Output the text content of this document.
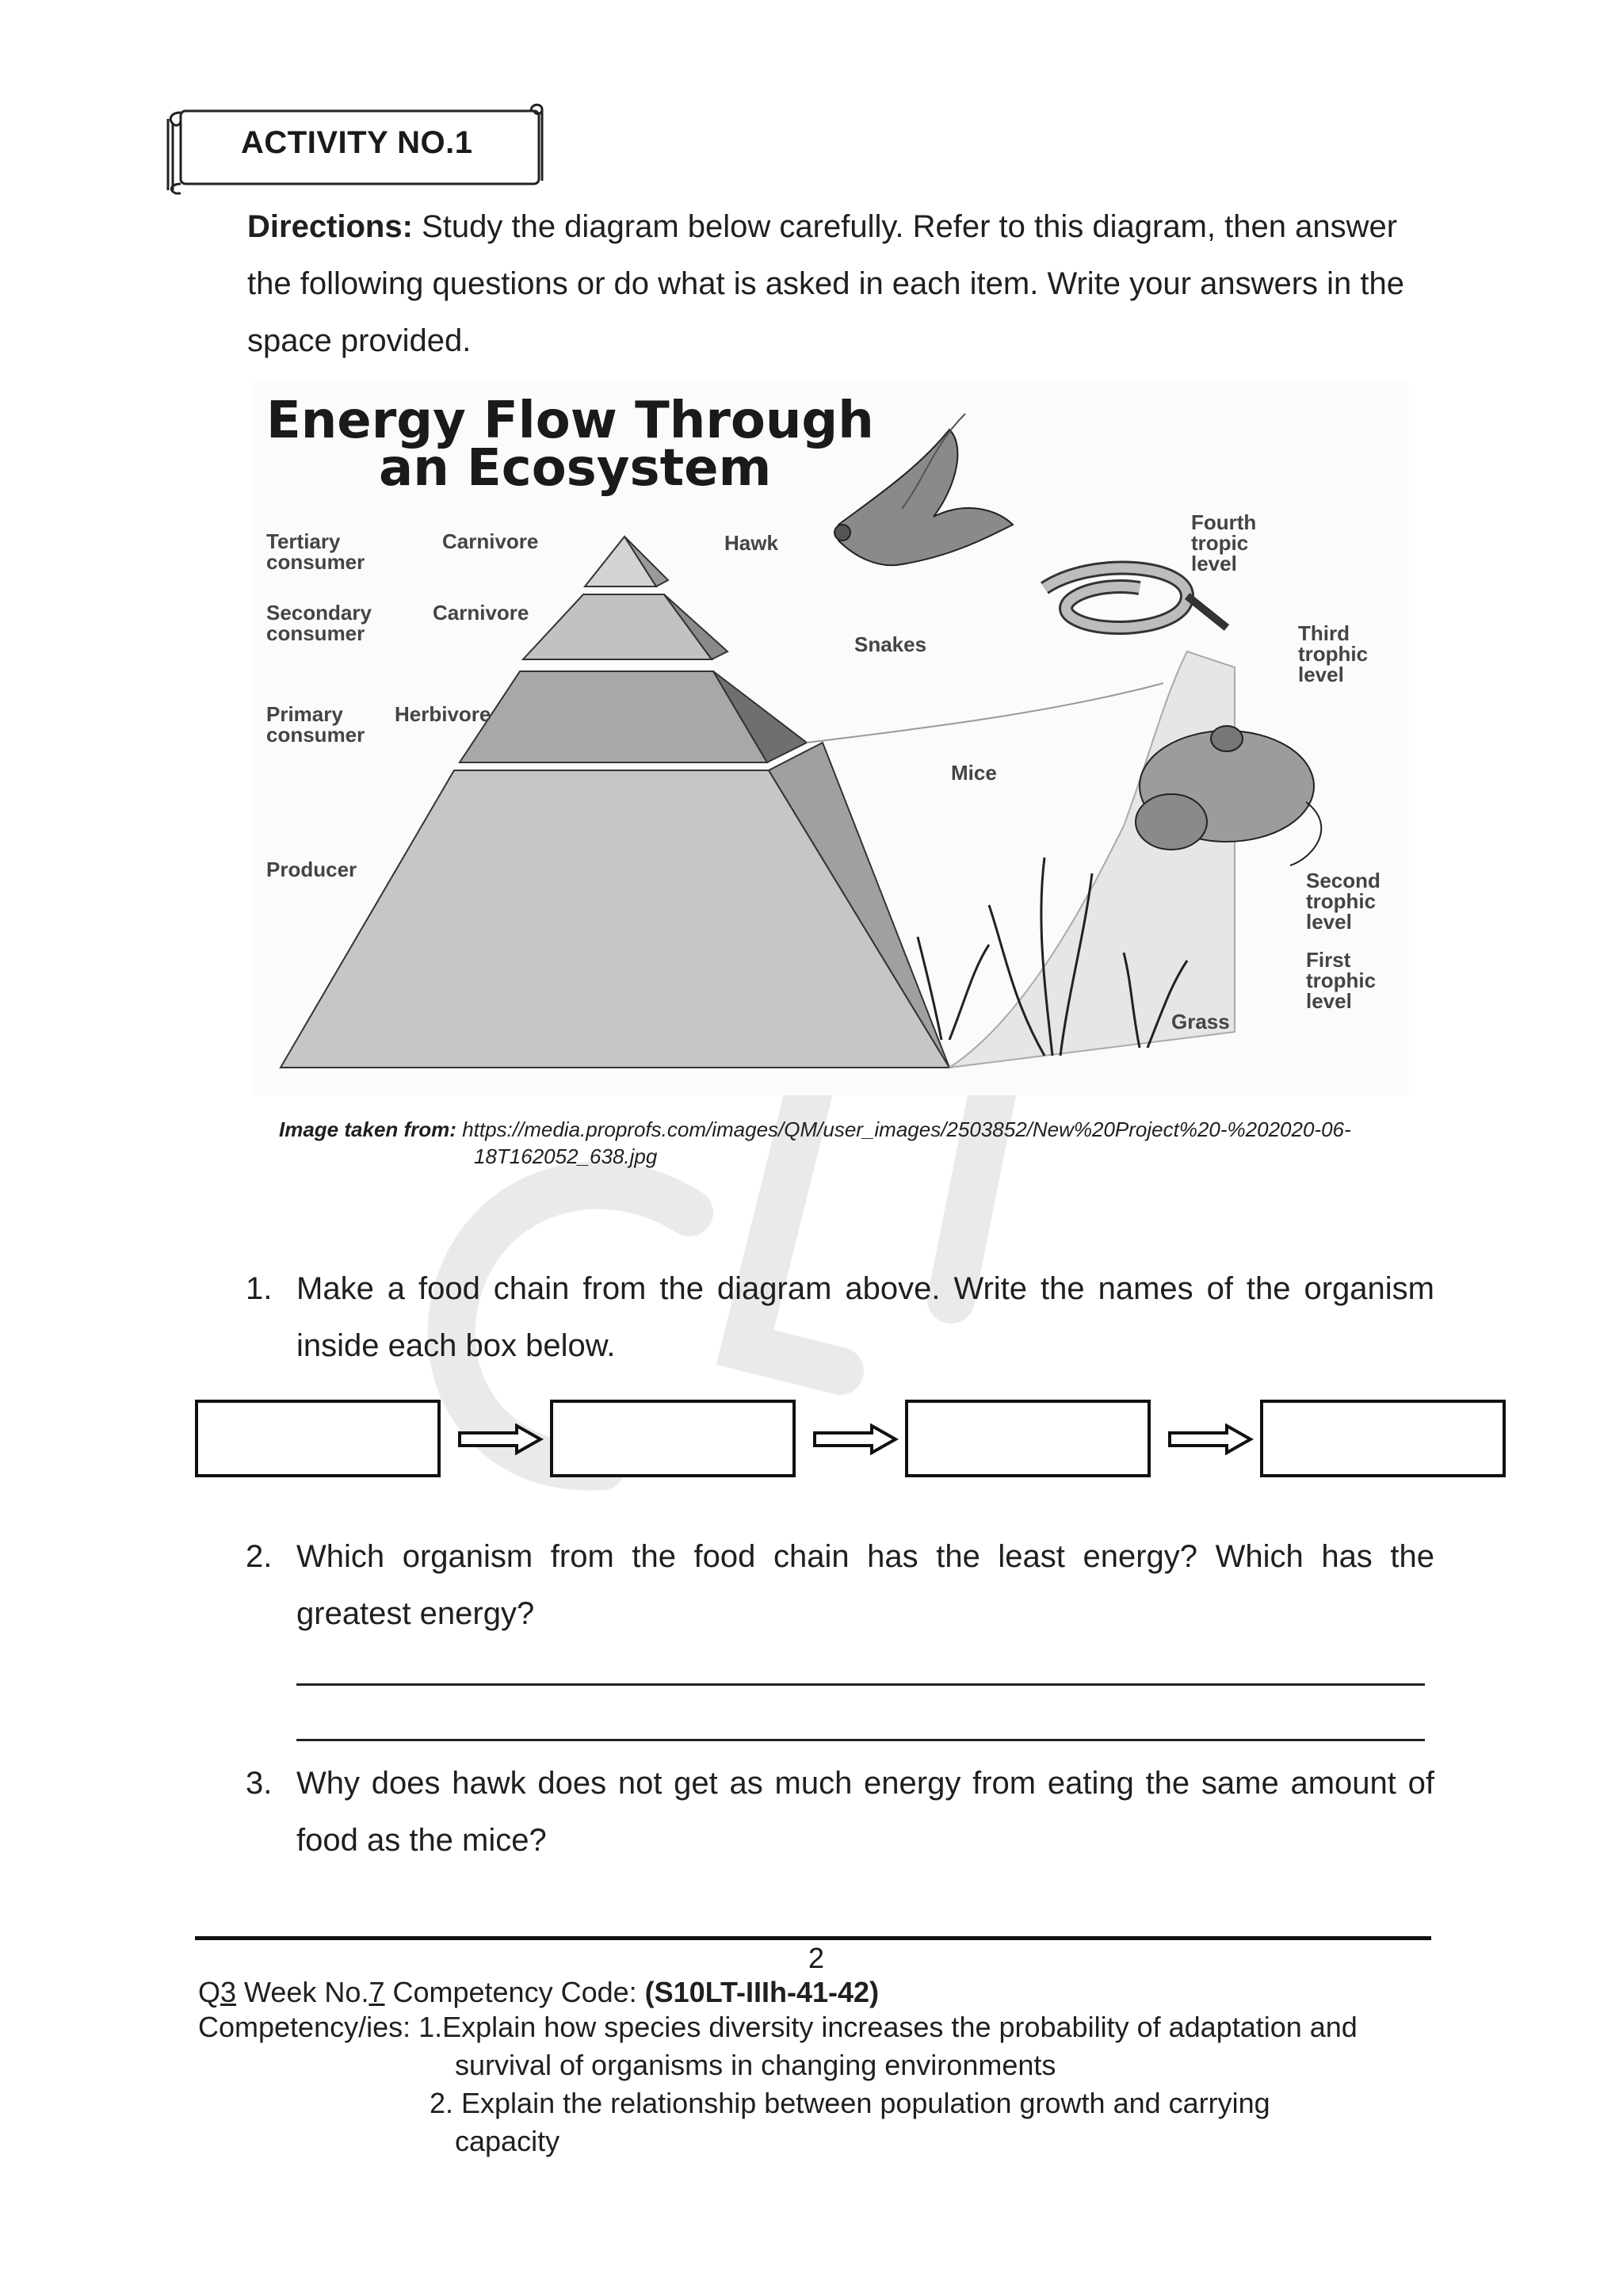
ACTIVITY NO.1
Directions: Study the diagram below carefully. Refer to this diagram, then answer the following questions or do what is asked in each item. Write your answers in the space provided.
Energy Flow Through
an Ecosystem
Tertiary consumer
Carnivore
Secondary consumer
Carnivore
Primary consumer
Herbivore
Producer
Hawk
Snakes
Mice
Grass
Fourth tropic level
Third trophic level
Second trophic level
First trophic level
Image taken from: https://media.proprofs.com/images/QM/user_images/2503852/New%20Project%20-%202020-06-
18T162052_638.jpg
1. Make a food chain from the diagram above. Write the names of the organism inside each box below.
2. Which organism from the food chain has the least energy? Which has the greatest energy?
3. Why does hawk does not get as much energy from eating the same amount of food as the mice?
2
Q3 Week No.7 Competency Code: (S10LT-IIIh-41-42)
Competency/ies: 1.Explain how species diversity increases the probability of adaptation and
survival of organisms in changing environments
2. Explain the relationship between population growth and carrying
capacity
